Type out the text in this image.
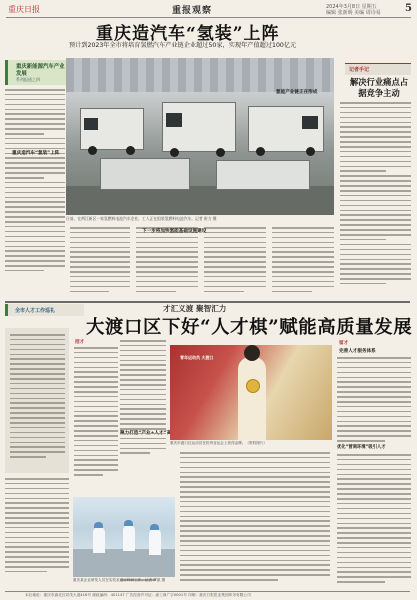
重庆日报	重报观察	2024年3月8日 星期五
编辑 张新旸 美编 周诗易 5
重庆造汽车“氢装”上阵
预计到2023年全市将培育氢燃汽车产业链企业超过50家，实现年产值超过100亿元
重庆新能源汽车产业发展
系列报道之四
日前，在两江新区一家氢燃料电池汽车企业，工人正在组装氢燃料电池汽车。记者 崔力 摄
重庆造汽车“氢装”上阵
氢能产业链正在形成
下一步将加快氢能基础设施建设
记者手记
解决行业痛点占据竞争主动
全市人才工作巡礼	才汇义渡 聚智汇力
大渡口区下好“人才棋”赋能高质量发展
招才
青年运动员 大渡口
重庆市渡口区运动员在杭州亚运会上获得金牌。（资料图片）
重庆某企业研发人员在实验室进行科研工作。记者 罗斌 摄
留才
完善人才服务体系
优化“营商环境”吸引人才
本社地址：重庆市渝北区同茂大道416号 邮政编码：401147 广告经营许可证：渝工商广字0001号 印刷：重庆日报报业集团印务有限公司
